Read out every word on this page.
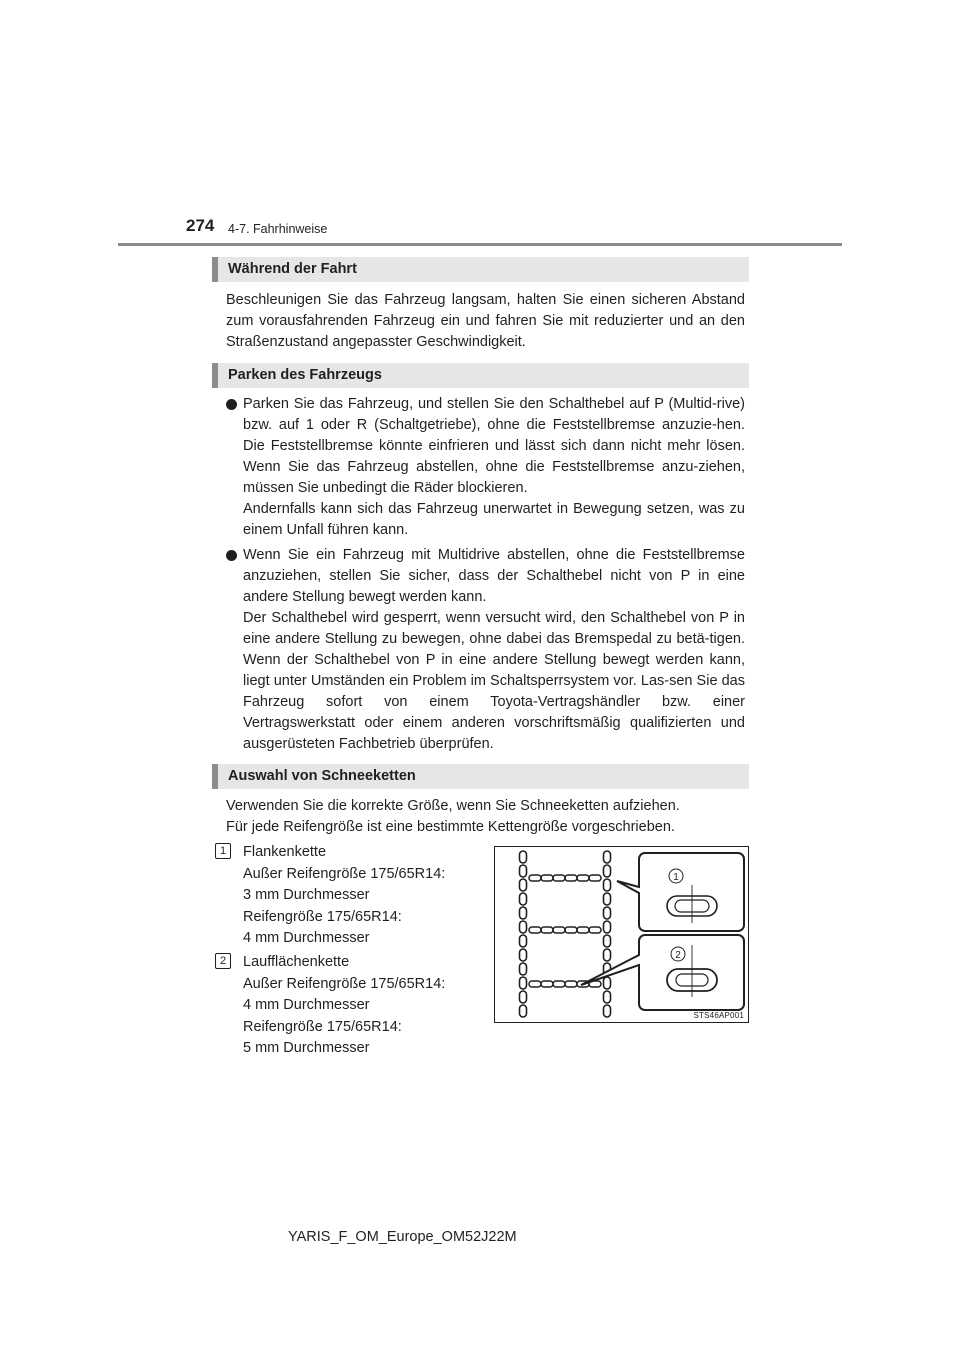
274 4-7. Fahrhinweise
Während der Fahrt
Beschleunigen Sie das Fahrzeug langsam, halten Sie einen sicheren Abstand zum vorausfahrenden Fahrzeug ein und fahren Sie mit reduzierter und an den Straßenzustand angepasster Geschwindigkeit.
Parken des Fahrzeugs

Parken Sie das Fahrzeug, und stellen Sie den Schalthebel auf P (Multid-rive) bzw. auf 1 oder R (Schaltgetriebe), ohne die Feststellbremse anzuzie-hen. Die Feststellbremse könnte einfrieren und lässt sich dann nicht mehr lösen. Wenn Sie das Fahrzeug abstellen, ohne die Feststellbremse anzu-ziehen, müssen Sie unbedingt die Räder blockieren.

Andernfalls kann sich das Fahrzeug unerwartet in Bewegung setzen, was zu einem Unfall führen kann.

Wenn Sie ein Fahrzeug mit Multidrive abstellen, ohne die Feststellbremse anzuziehen, stellen Sie sicher, dass der Schalthebel nicht von P in eine andere Stellung bewegt werden kann.

Der Schalthebel wird gesperrt, wenn versucht wird, den Schalthebel von P in eine andere Stellung zu bewegen, ohne dabei das Bremspedal zu betä-tigen. Wenn der Schalthebel von P in eine andere Stellung bewegt werden kann, liegt unter Umständen ein Problem im Schaltsperrsystem vor. Las-sen Sie das Fahrzeug sofort von einem Toyota-Vertragshändler bzw. einer Vertragswerkstatt oder einem anderen vorschriftsmäßig qualifizierten und ausgerüsteten Fachbetrieb überprüfen.

Auswahl von Schneeketten
Verwenden Sie die korrekte Größe, wenn Sie Schneeketten aufziehen.
Für jede Reifengröße ist eine bestimmte Kettengröße vorgeschrieben.
1	Flankenkette
Außer Reifengröße 175/65R14:
3 mm Durchmesser
Reifengröße 175/65R14:
4 mm Durchmesser
2	Laufflächenkette
Außer Reifengröße 175/65R14:
4 mm Durchmesser
Reifengröße 175/65R14:
5 mm Durchmesser
1
2
STS46AP001
YARIS_F_OM_Europe_OM52J22M
